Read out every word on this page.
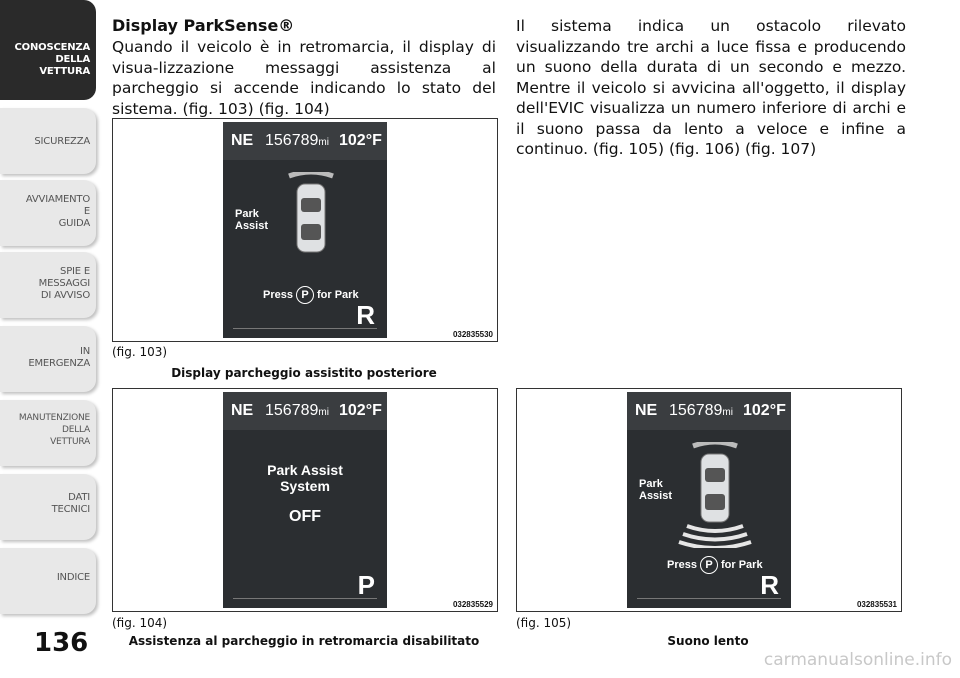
CONOSCENZA
DELLA
VETTURA
SICUREZZA
AVVIAMENTO
E
GUIDA
SPIE E
MESSAGGI
DI AVVISO
IN
EMERGENZA
MANUTENZIONE
DELLA
VETTURA
DATI
TECNICI
INDICE
136
Display ParkSense®
Quando il veicolo è in retromarcia, il display di visua-lizzazione messaggi assistenza al parcheggio si accende indicando lo stato del sistema. (fig. 103) (fig. 104)
Il sistema indica un ostacolo rilevato visualizzando tre archi a luce fissa e producendo un suono della durata di un secondo e mezzo. Mentre il veicolo si avvicina all'oggetto, il display dell'EVIC visualizza un numero inferiore di archi e il suono passa da lento a veloce e infine a continuo. (fig. 105) (fig. 106) (fig. 107)
NE 156789mi 102°F
Park
Assist
Press P for Park
R
032835530
(fig. 103)
Display parcheggio assistito posteriore
NE 156789mi 102°F
Park Assist
System
OFF
P
032835529
(fig. 104)
Assistenza al parcheggio in retromarcia disabilitato
NE 156789mi 102°F
Park
Assist
Press P for Park
R
032835531
(fig. 105)
Suono lento
carmanualsonline.info
